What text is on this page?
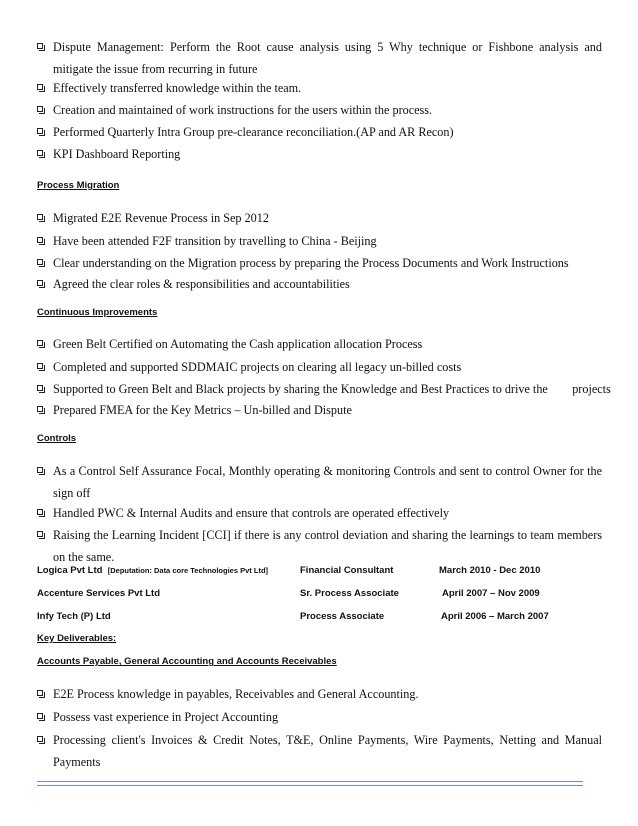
Dispute Management: Perform the Root cause analysis using 5 Why technique or Fishbone analysis and mitigate the issue from recurring in future
Effectively transferred knowledge within the team.
Creation and maintained of work instructions for the users within the process.
Performed Quarterly Intra Group pre-clearance reconciliation.(AP and AR Recon)
KPI Dashboard Reporting
Process Migration
Migrated E2E Revenue Process in Sep 2012
Have been attended F2F transition by travelling to China - Beijing
Clear understanding on the Migration process by preparing the Process Documents and Work Instructions
Agreed the clear roles & responsibilities and accountabilities
Continuous Improvements
Green Belt Certified on Automating the Cash application allocation Process
Completed and supported SDDMAIC projects on clearing all legacy un-billed costs
Supported to Green Belt and Black projects by sharing the Knowledge and Best Practices to drive the        projects
Prepared FMEA for the Key Metrics – Un-billed and Dispute
Controls
As a Control Self Assurance Focal, Monthly operating & monitoring Controls and sent to control Owner for the sign off
Handled PWC & Internal Audits and ensure that controls are operated effectively
Raising the Learning Incident [CCI] if there is any control deviation and sharing the learnings to team members on the same.
Logica Pvt Ltd [Deputation: Data core Technologies Pvt Ltd]	Financial Consultant	March 2010 - Dec 2010
Accenture Services Pvt Ltd	Sr. Process Associate	April 2007 – Nov 2009
Infy Tech (P) Ltd	Process Associate	April 2006 – March 2007
Key Deliverables:
Accounts Payable, General Accounting and Accounts Receivables
E2E Process knowledge in payables, Receivables and General Accounting.
Possess vast experience in Project Accounting
Processing client's Invoices & Credit Notes, T&E, Online Payments, Wire Payments, Netting and Manual Payments
